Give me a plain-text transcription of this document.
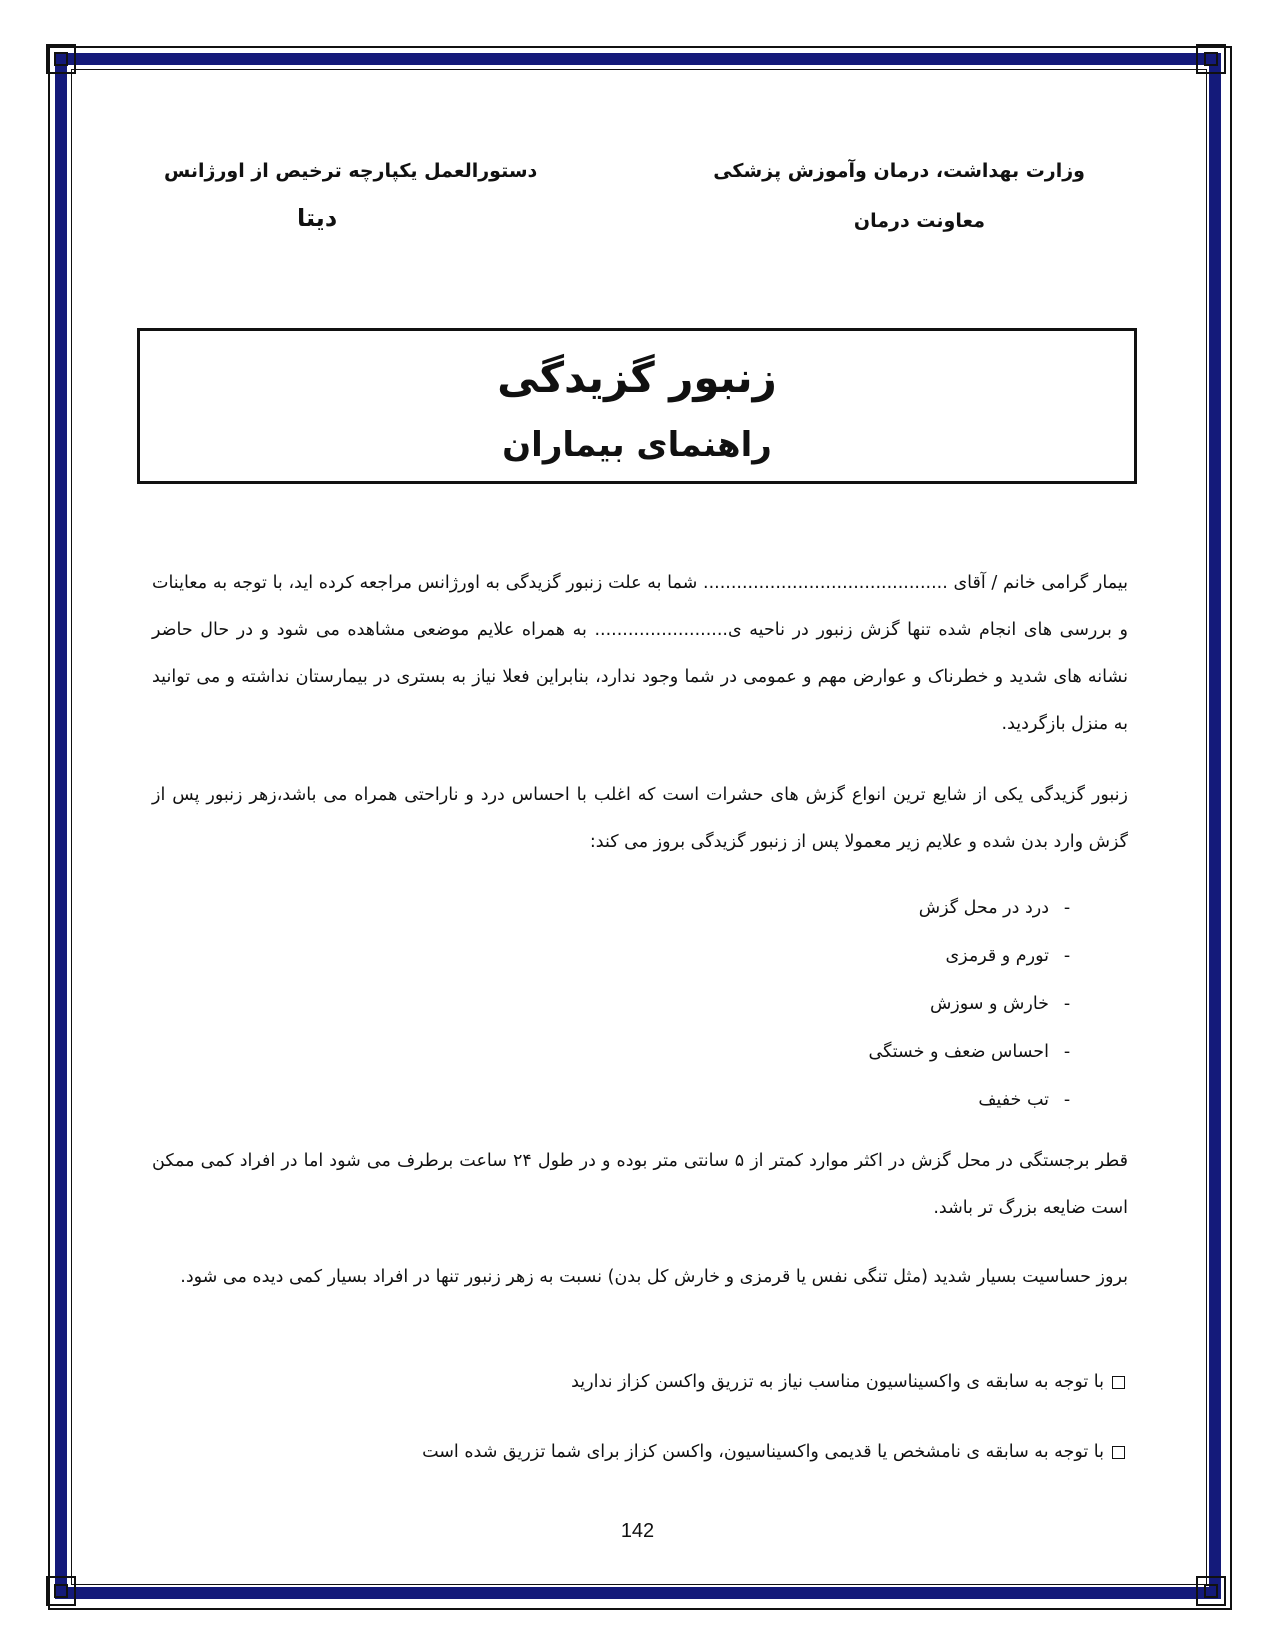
وزارت بهداشت، درمان وآموزش پزشکی
معاونت درمان
دستورالعمل یکپارچه ترخیص از اورژانس
دیتا
زنبور گزیدگی
راهنمای بیماران

بیمار گرامی خانم / آقای ............................................ شما به علت زنبور گزیدگی به اورژانس مراجعه کرده اید، با توجه به معاینات و بررسی های انجام شده تنها گزش زنبور در ناحیه ی........................ به همراه علایم موضعی مشاهده می شود و در حال حاضر نشانه های شدید و خطرناک و عوارض مهم و عمومی در شما وجود ندارد، بنابراین فعلا نیاز به بستری در بیمارستان نداشته و می توانید به منزل بازگردید.

زنبور گزیدگی یکی از شایع ترین انواع گزش های حشرات است که اغلب با احساس درد و ناراحتی همراه می باشد،زهر زنبور پس از گزش وارد بدن شده و علایم زیر معمولا پس از زنبور گزیدگی بروز می کند:

-درد در محل گزش
-تورم و قرمزی
-خارش و سوزش
-احساس ضعف و خستگی
-تب خفیف

قطر برجستگی در محل گزش در اکثر موارد کمتر از ۵ سانتی متر بوده و در طول ۲۴ ساعت برطرف می شود اما در افراد کمی ممکن است ضایعه بزرگ تر باشد.

بروز حساسیت بسیار شدید (مثل تنگی نفس یا قرمزی و خارش کل بدن) نسبت به زهر زنبور تنها در افراد بسیار کمی دیده می شود.

با توجه به سابقه ی واکسیناسیون مناسب نیاز به تزریق واکسن کزاز ندارید
با توجه به سابقه ی نامشخص یا قدیمی واکسیناسیون، واکسن کزاز برای شما تزریق شده است
142
